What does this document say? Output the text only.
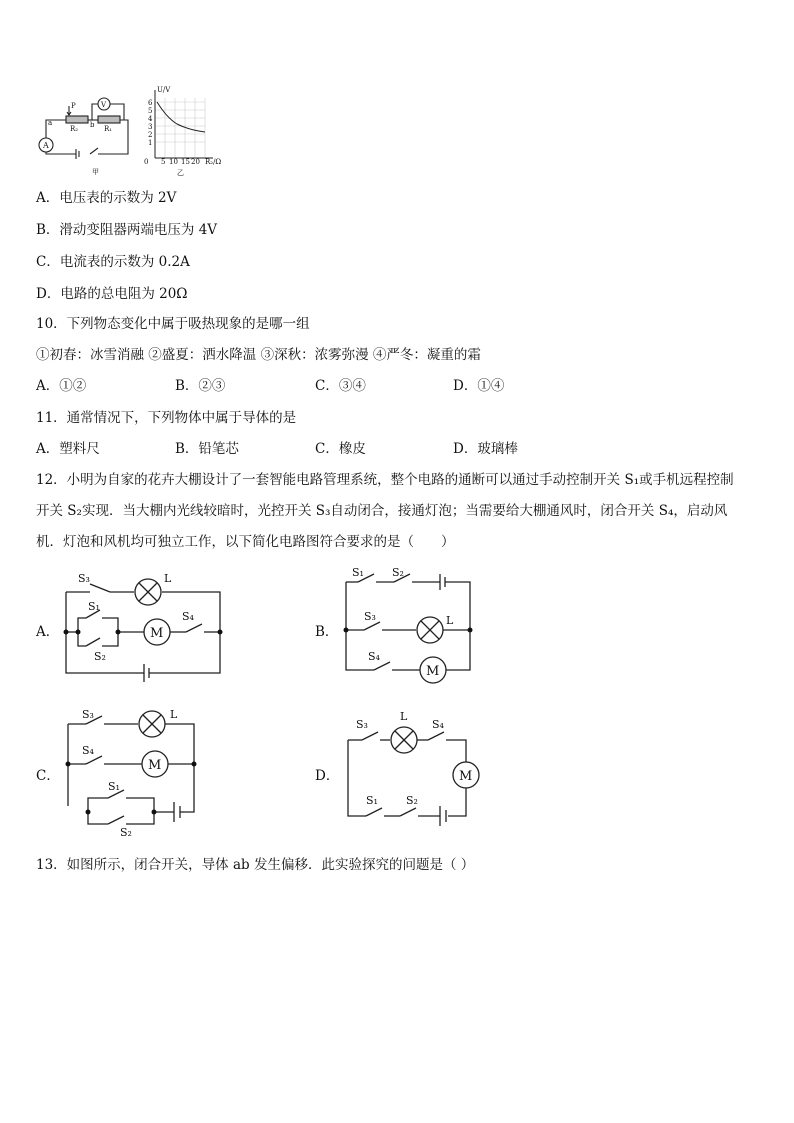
A
V
P
a	b
R₂	R₁
甲
U/V
6
5
4
3
2
1
0 5 10 15 20 R₂/Ω
乙
A．电压表的示数为 2V
B．滑动变阻器两端电压为 4V
C．电流表的示数为 0.2A
D．电路的总电阻为 20Ω
10．下列物态变化中属于吸热现象的是哪一组
①初春：冰雪消融 ②盛夏：洒水降温 ③深秋：浓雾弥漫 ④严冬：凝重的霜
A．①②	B．②③	C．③④	D．①④
11．通常情况下，下列物体中属于导体的是
A．塑料尺	B．铅笔芯	C．橡皮	D．玻璃棒
12．小明为自家的花卉大棚设计了一套智能电路管理系统，整个电路的通断可以通过手动控制开关 S₁或手机远程控制
开关 S₂实现．当大棚内光线较暗时，光控开关 S₃自动闭合，接通灯泡；当需要给大棚通风时，闭合开关 S₄，启动风
机．灯泡和风机均可独立工作，以下简化电路图符合要求的是（　　）
A．
S₃	L
S₁
M
S₄
S₂
B．
S₁	S₂
S₃	L
S₄
M
C．
S₃	L
S₄
M
S₁
S₂
D．
S₃
L
S₄
M
S₁	S₂
13．如图所示，闭合开关，导体 ab 发生偏移．此实验探究的问题是（ ）
